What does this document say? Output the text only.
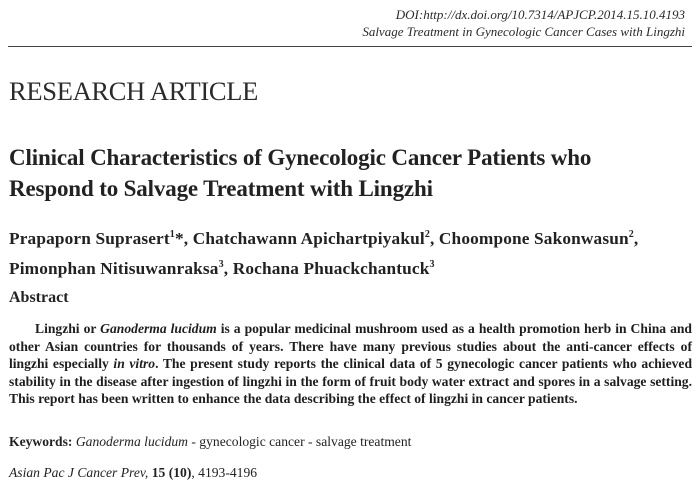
DOI:http://dx.doi.org/10.7314/APJCP.2014.15.10.4193
Salvage Treatment in Gynecologic Cancer Cases with Lingzhi
RESEARCH ARTICLE
Clinical Characteristics of Gynecologic Cancer Patients who
Respond to Salvage Treatment with Lingzhi
Prapaporn Suprasert$^1$*, Chatchawann Apichartpiyakul$^2$, Choompone Sakonwasun$^2$, Pimonphan Nitisuwanraksa$^3$, Rochana Phuackchantuck$^3$
Abstract
Lingzhi or Ganoderma lucidum is a popular medicinal mushroom used as a health promotion herb in China and other Asian countries for thousands of years. There have many previous studies about the anti-cancer effects of lingzhi especially in vitro. The present study reports the clinical data of 5 gynecologic cancer patients who achieved stability in the disease after ingestion of lingzhi in the form of fruit body water extract and spores in a salvage setting. This report has been written to enhance the data describing the effect of lingzhi in cancer patients.
Keywords: Ganoderma lucidum - gynecologic cancer - salvage treatment
Asian Pac J Cancer Prev, 15 (10), 4193-4196
